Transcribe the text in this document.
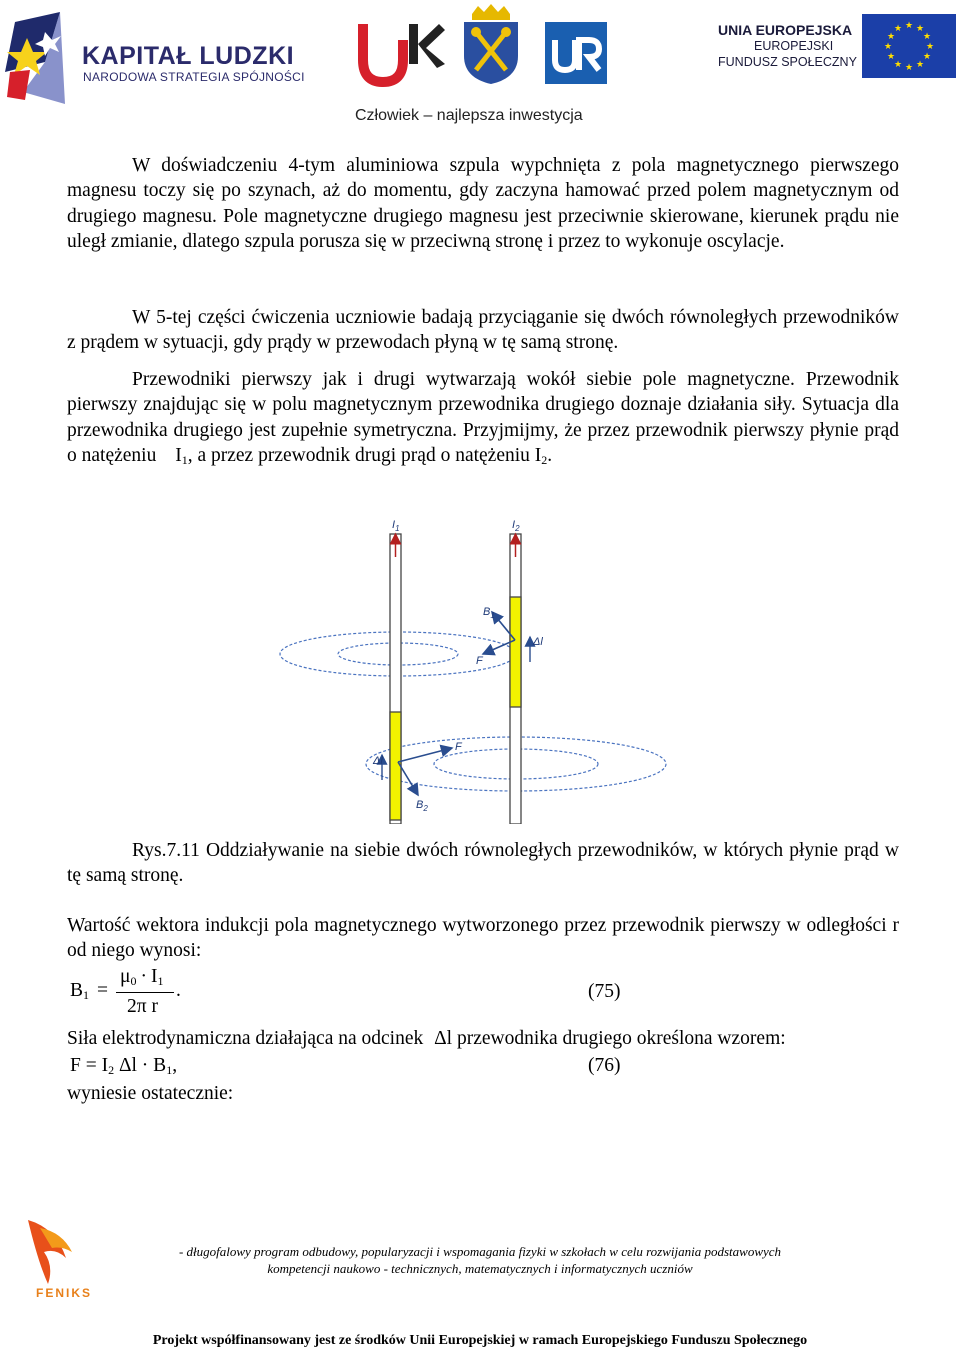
KAPITAŁ LUDZKI
NARODOWA STRATEGIA SPÓJNOŚCI
UNIA EUROPEJSKA
EUROPEJSKI
FUNDUSZ SPOŁECZNY
★ ★
★
★
★
★
★
★
★
★
★
★
Człowiek – najlepsza inwestycja
W doświadczeniu 4-tym aluminiowa szpula wypchnięta z pola magnetycznego pierwszego magnesu toczy się po szynach, aż do momentu, gdy zaczyna hamować przed polem magnetycznym od drugiego magnesu. Pole magnetyczne drugiego magnesu jest przeciwnie skierowane, kierunek prądu nie uległ zmianie, dlatego szpula porusza się w przeciwną stronę i przez to wykonuje oscylacje.
W 5-tej części ćwiczenia uczniowie badają przyciąganie się dwóch równoległych przewodników z prądem w sytuacji, gdy prądy w przewodach płyną w tę samą stronę.
Przewodniki pierwszy jak i drugi wytwarzają wokół siebie pole magnetyczne. Przewodnik pierwszy znajdując się w polu magnetycznym przewodnika drugiego doznaje działania siły. Sytuacja dla przewodnika drugiego jest zupełnie symetryczna. Przyjmijmy, że przez przewodnik pierwszy płynie prąd o natężeniu $I_1$, a przez przewodnik drugi prąd o natężeniu $I_2$.
$I_1$	$I_2$
$B_1$
F
Δl
F
Δl
$B_2$
Rys.7.11 Oddziaływanie na siebie dwóch równoległych przewodników, w których płynie prąd w tę samą stronę.
Wartość wektora indukcji pola magnetycznego wytworzonego przez przewodnik pierwszy w odległości r od niego wynosi:
$B_1$ =
$\mu_0 \cdot I_1$
2π r
.	(75)
Siła elektrodynamiczna działająca na odcinek Δl przewodnika drugiego określona wzorem:
$F = I_2$ $\Delta l \cdot B_1$,	(76)
wyniesie ostatecznie:
FENIKS
- długofalowy program odbudowy, popularyzacji i wspomagania fizyki w szkołach w celu rozwijania podstawowych
kompetencji naukowo - technicznych, matematycznych i informatycznych uczniów
Projekt współfinansowany jest ze środków Unii Europejskiej w ramach Europejskiego Funduszu Społecznego
